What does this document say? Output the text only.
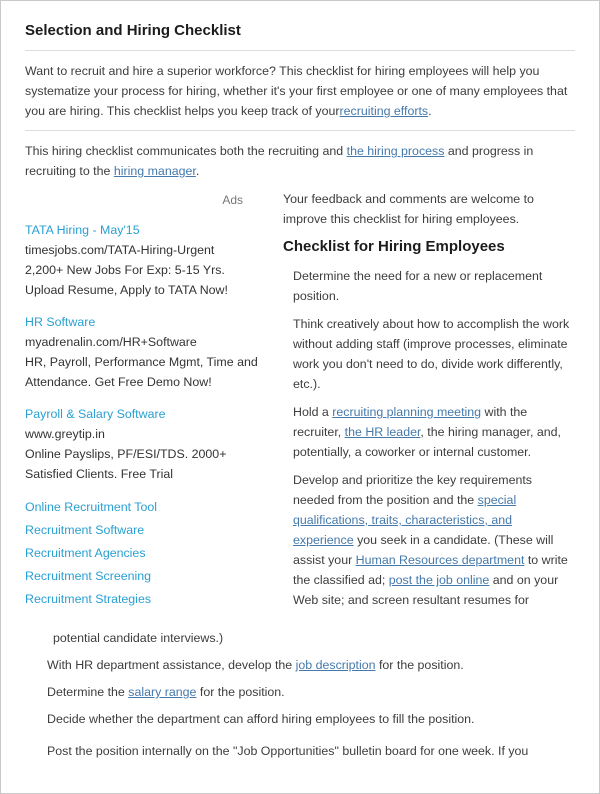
Selection and Hiring Checklist

Want to recruit and hire a superior workforce? This checklist for hiring employees will help you systematize your process for hiring, whether it's your first employee or one of many employees that you are hiring. This checklist helps you keep track of yourrecruiting efforts.

This hiring checklist communicates both the recruiting and the hiring process and progress in recruiting to the hiring manager.

Ads
TATA Hiring - May'15
timesjobs.com/TATA-Hiring-Urgent
2,200+ New Jobs For Exp: 5-15 Yrs. Upload Resume, Apply to TATA Now!
HR Software
myadrenalin.com/HR+Software
HR, Payroll, Performance Mgmt, Time and Attendance. Get Free Demo Now!
Payroll & Salary Software
www.greytip.in
Online Payslips, PF/ESI/TDS. 2000+ Satisfied Clients. Free Trial
Online Recruitment Tool
Recruitment Software
Recruitment Agencies
Recruitment Screening
Recruitment Strategies

Your feedback and comments are welcome to improve this checklist for hiring employees.

Checklist for Hiring Employees

Determine the need for a new or replacement position.

Think creatively about how to accomplish the work without adding staff (improve processes, eliminate work you don't need to do, divide work differently, etc.).

Hold a recruiting planning meeting with the recruiter, the HR leader, the hiring manager, and, potentially, a coworker or internal customer.

Develop and prioritize the key requirements needed from the position and the special qualifications, traits, characteristics, and experience you seek in a candidate. (These will assist your Human Resources department to write the classified ad; post the job online and on your Web site; and screen resultant resumes for

potential candidate interviews.)

With HR department assistance, develop the job description for the position.

Determine the salary range for the position.

Decide whether the department can afford hiring employees to fill the position.

Post the position internally on the "Job Opportunities" bulletin board for one week. If you
